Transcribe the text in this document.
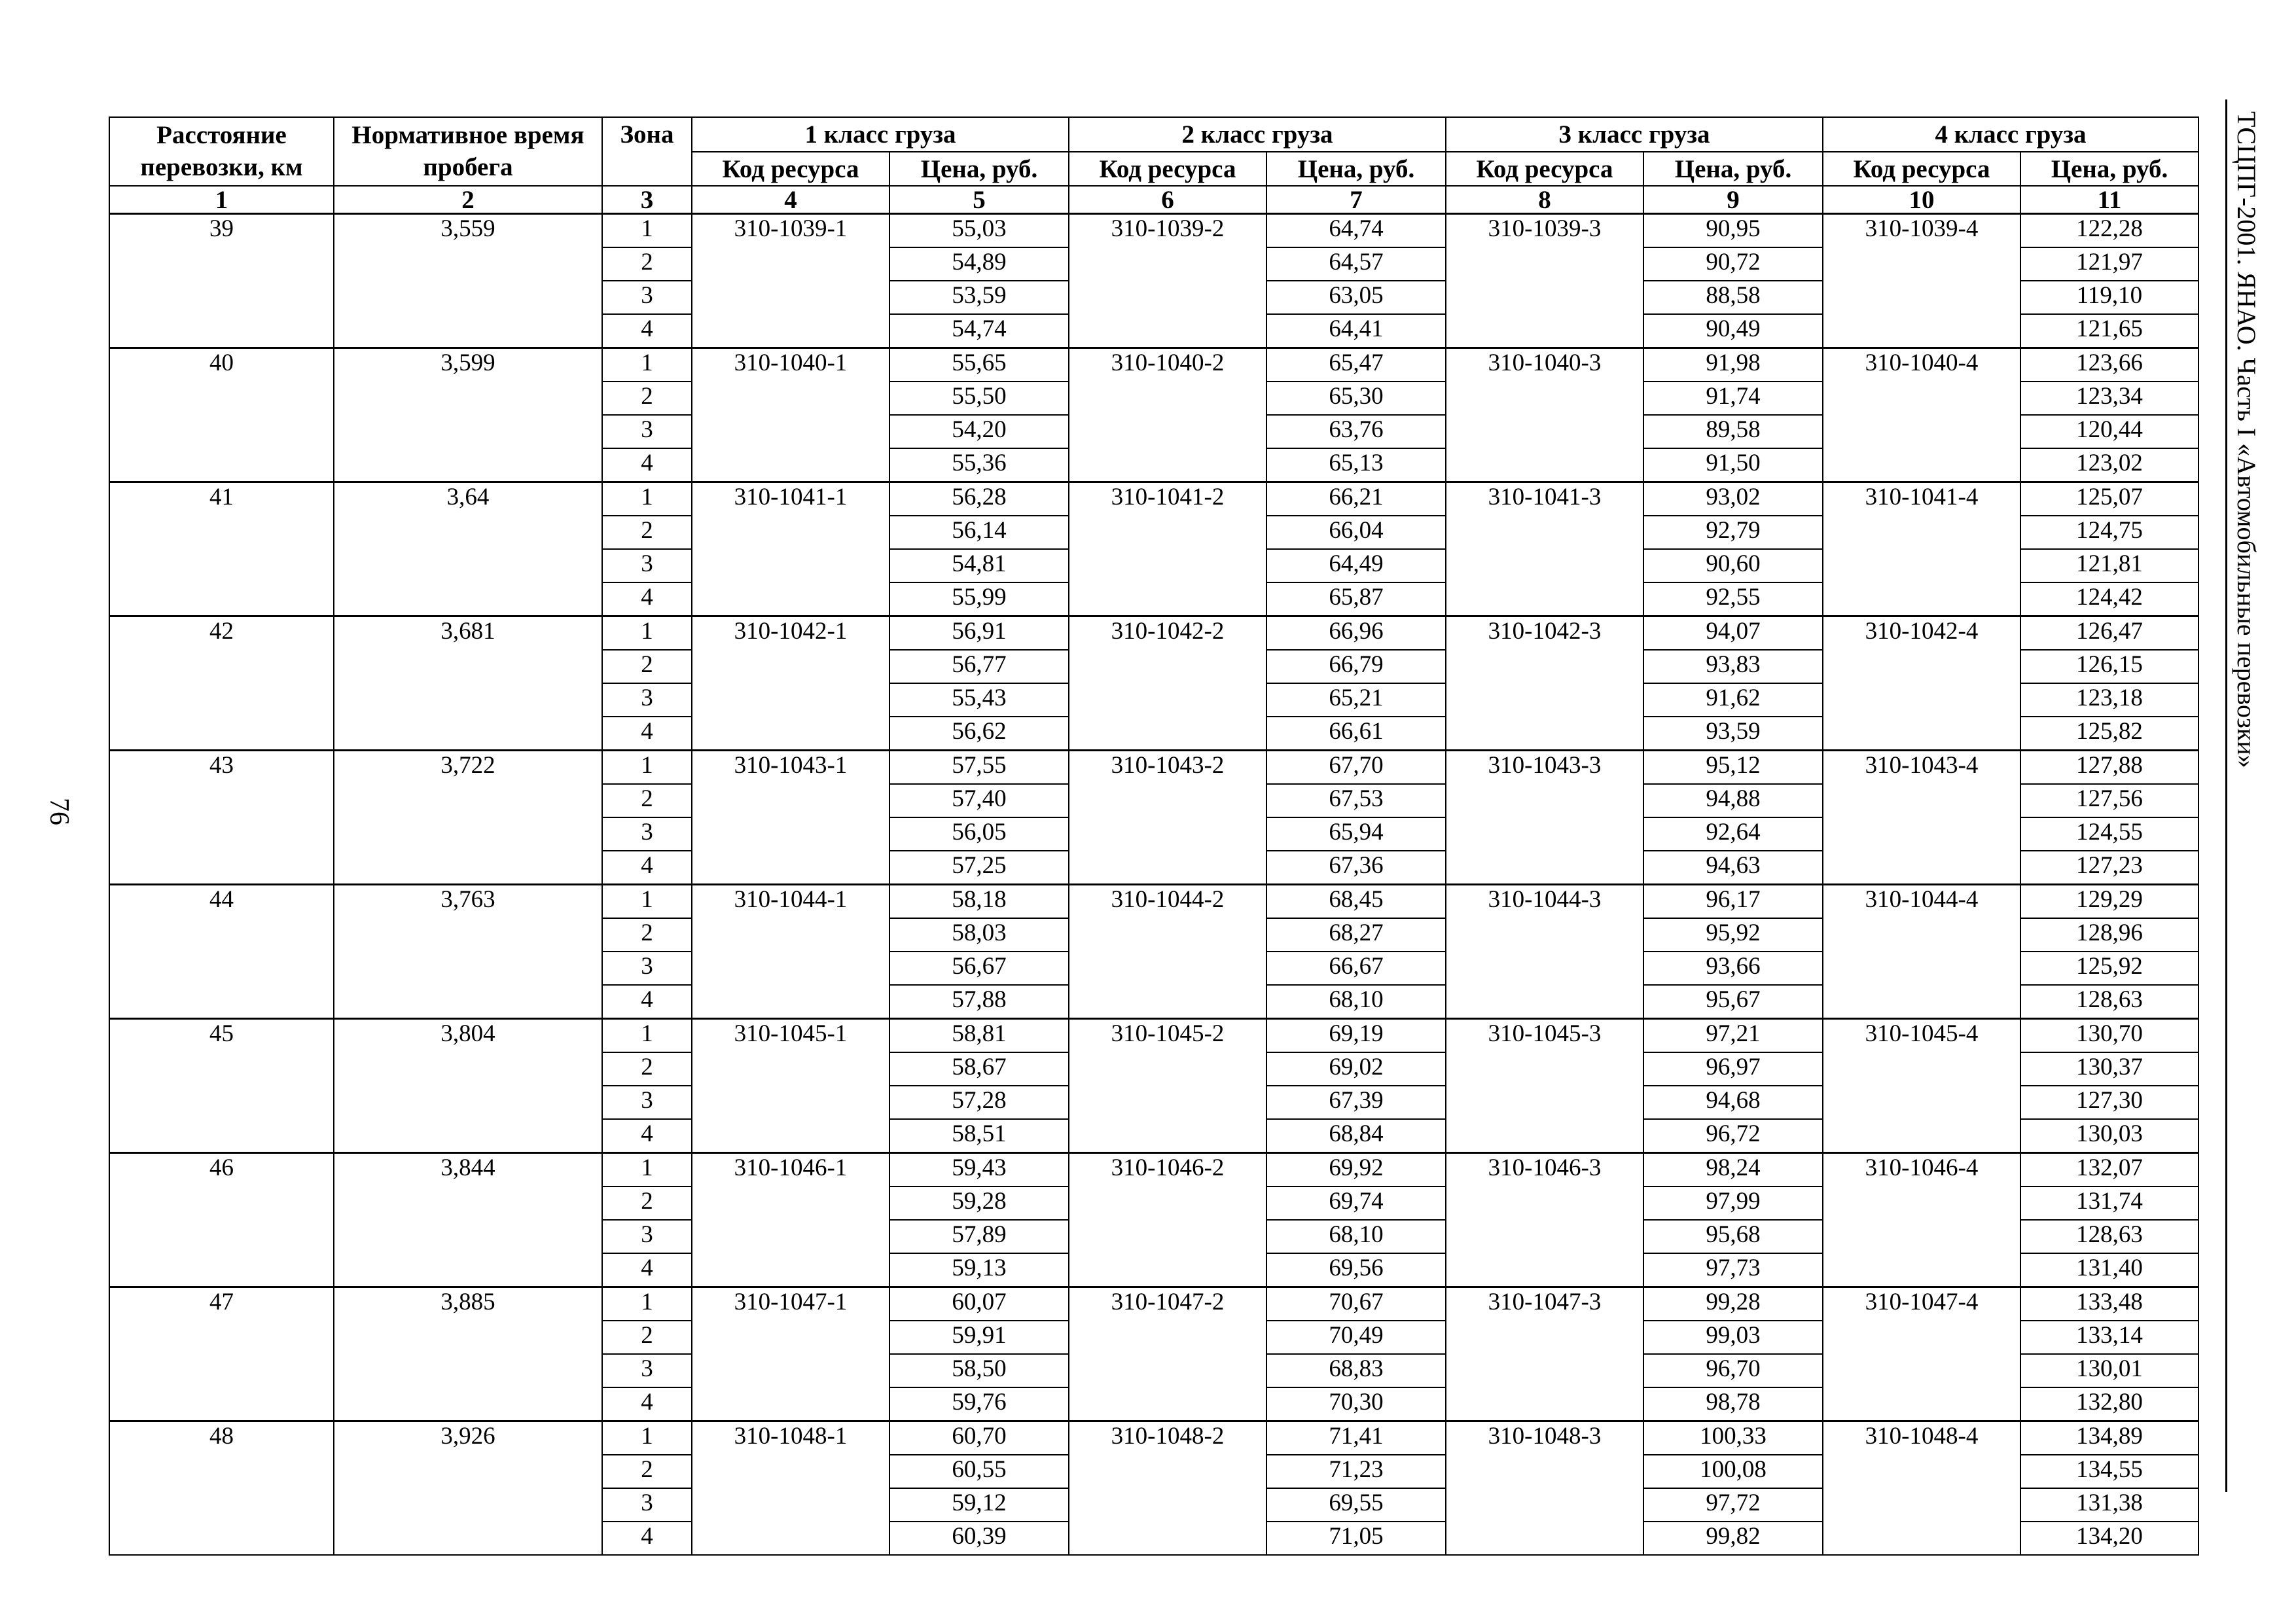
76
ТСЦПГ-2001. ЯНАО. Часть I «Автомобильные перевозки»
Расстояние перевозки, км	Нормативное время пробега	Зона	1 класс груза		2 класс груза		3 класс груза		4 класс груза	
			Код ресурса	Цена, руб.	Код ресурса	Цена, руб.	Код ресурса	Цена, руб.	Код ресурса	Цена, руб.
1	2	3	4	5	6	7	8	9	10	11
39	3,559	1	310-1039-1	55,03	310-1039-2	64,74	310-1039-3	90,95	310-1039-4	122,28
		2		54,89		64,57		90,72		121,97
		3		53,59		63,05		88,58		119,10
		4		54,74		64,41		90,49		121,65
40	3,599	1	310-1040-1	55,65	310-1040-2	65,47	310-1040-3	91,98	310-1040-4	123,66
		2		55,50		65,30		91,74		123,34
		3		54,20		63,76		89,58		120,44
		4		55,36		65,13		91,50		123,02
41	3,64	1	310-1041-1	56,28	310-1041-2	66,21	310-1041-3	93,02	310-1041-4	125,07
		2		56,14		66,04		92,79		124,75
		3		54,81		64,49		90,60		121,81
		4		55,99		65,87		92,55		124,42
42	3,681	1	310-1042-1	56,91	310-1042-2	66,96	310-1042-3	94,07	310-1042-4	126,47
		2		56,77		66,79		93,83		126,15
		3		55,43		65,21		91,62		123,18
		4		56,62		66,61		93,59		125,82
43	3,722	1	310-1043-1	57,55	310-1043-2	67,70	310-1043-3	95,12	310-1043-4	127,88
		2		57,40		67,53		94,88		127,56
		3		56,05		65,94		92,64		124,55
		4		57,25		67,36		94,63		127,23
44	3,763	1	310-1044-1	58,18	310-1044-2	68,45	310-1044-3	96,17	310-1044-4	129,29
		2		58,03		68,27		95,92		128,96
		3		56,67		66,67		93,66		125,92
		4		57,88		68,10		95,67		128,63
45	3,804	1	310-1045-1	58,81	310-1045-2	69,19	310-1045-3	97,21	310-1045-4	130,70
		2		58,67		69,02		96,97		130,37
		3		57,28		67,39		94,68		127,30
		4		58,51		68,84		96,72		130,03
46	3,844	1	310-1046-1	59,43	310-1046-2	69,92	310-1046-3	98,24	310-1046-4	132,07
		2		59,28		69,74		97,99		131,74
		3		57,89		68,10		95,68		128,63
		4		59,13		69,56		97,73		131,40
47	3,885	1	310-1047-1	60,07	310-1047-2	70,67	310-1047-3	99,28	310-1047-4	133,48
		2		59,91		70,49		99,03		133,14
		3		58,50		68,83		96,70		130,01
		4		59,76		70,30		98,78		132,80
48	3,926	1	310-1048-1	60,70	310-1048-2	71,41	310-1048-3	100,33	310-1048-4	134,89
		2		60,55		71,23		100,08		134,55
		3		59,12		69,55		97,72		131,38
		4		60,39		71,05		99,82		134,20
